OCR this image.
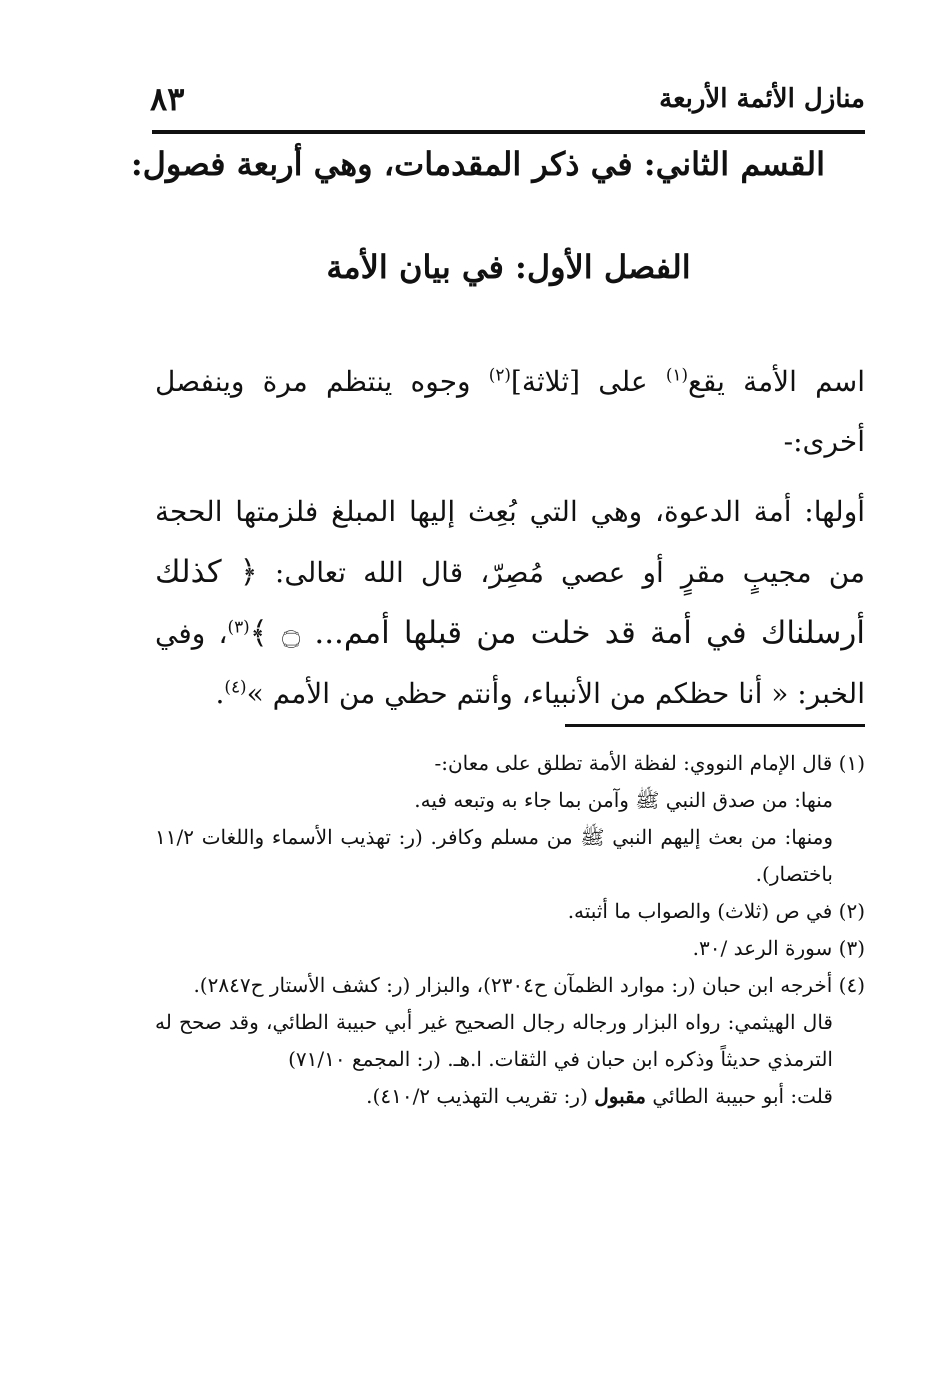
منازل الأئمة الأربعة
٨٣
القسم الثاني: في ذكر المقدمات، وهي أربعة فصول:
الفصل الأول: في بيان الأمة

اسم الأمة يقع$^{(١)}$ على [ثلاثة]$^{(٢)}$ وجوه ينتظم مرة وينفصل أخرى:-

أولها: أمة الدعوة، وهي التي بُعِث إليها المبلغ فلزمتها الحجة من مجيبٍ مقرٍ أو عصي مُصِرّ، قال الله تعالى: ﴿ كذلك أرسلناك في أمة قد خلت من قبلها أمم... ۝ ﴾$^{(٣)}$، وفي الخبر: « أنا حظكم من الأنبياء، وأنتم حظي من الأمم »$^{(٤)}$.

(١) قال الإمام النووي: لفظة الأمة تطلق على معان:-

منها: من صدق النبي ﷺ وآمن بما جاء به وتبعه فيه.

ومنها: من بعث إليهم النبي ﷺ من مسلم وكافر. (ر: تهذيب الأسماء واللغات ١١/٢ باختصار).

(٢) في ص (ثلاث) والصواب ما أثبته.

(٣) سورة الرعد /٣٠.

(٤) أخرجه ابن حبان (ر: موارد الظمآن ح٢٣٠٤)، والبزار (ر: كشف الأستار ح٢٨٤٧).

قال الهيثمي: رواه البزار ورجاله رجال الصحيح غير أبي حبيبة الطائي، وقد صحح له الترمذي حديثاً وذكره ابن حبان في الثقات. ا.هـ. (ر: المجمع ٧١/١٠)

قلت: أبو حبيبة الطائي مقبول (ر: تقريب التهذيب ٤١٠/٢).
